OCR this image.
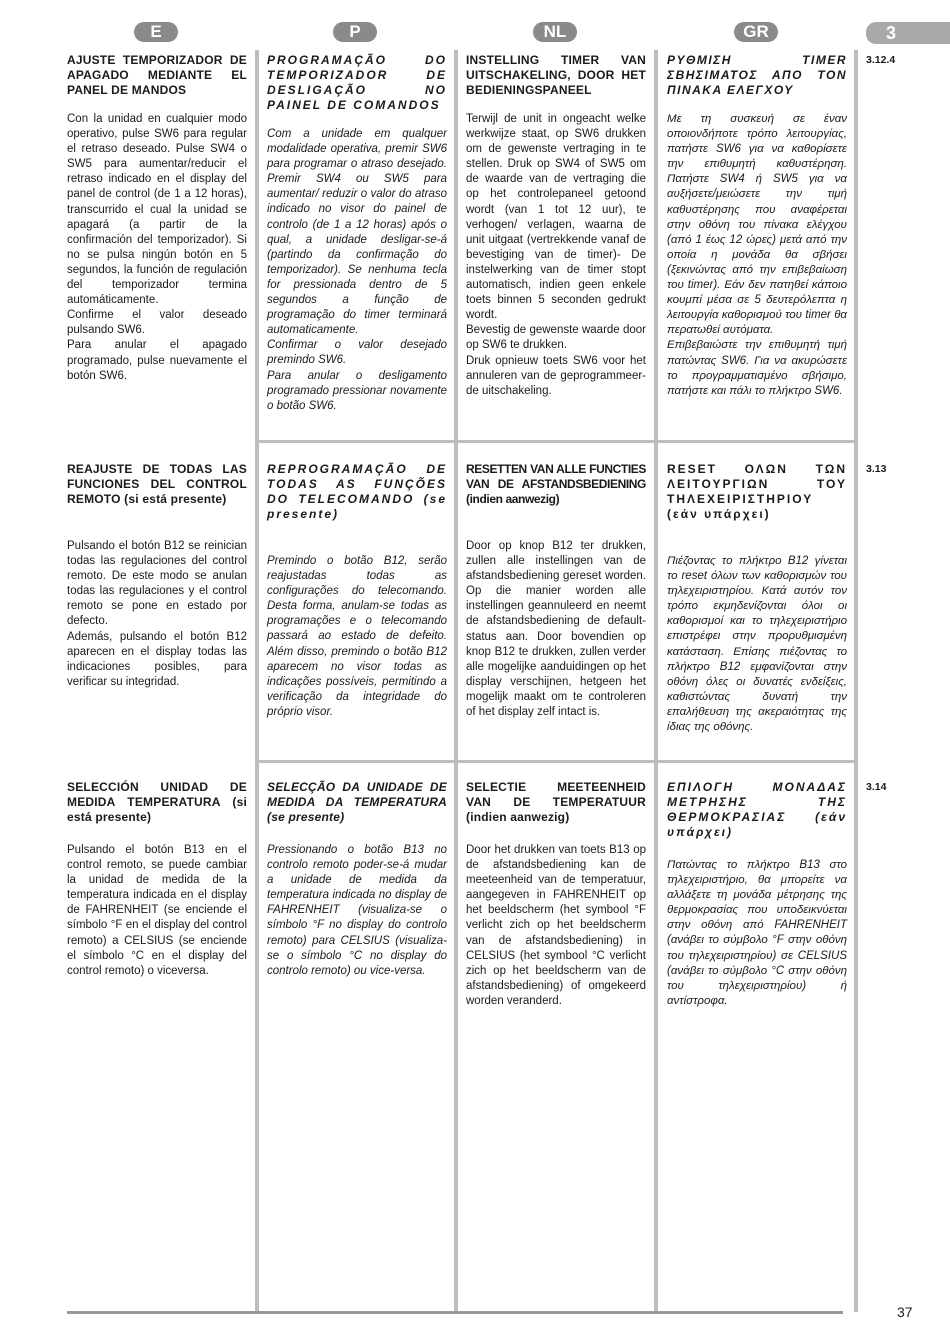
E	P	NL	GR	3
3.12.4
AJUSTE TEMPORIZADOR DE APAGADO MEDIANTE EL PANEL DE MANDOS

Con la unidad en cualquier modo operativo, pulse SW6 para regular el retraso deseado. Pulse SW4 o SW5 para aumentar/reducir el retraso indicado en el display del panel de control (de 1 a 12 horas), transcurrido el cual la unidad se apagará (a partir de la confirmación del temporizador). Si no se pulsa ningún botón en 5 segundos, la función de regulación del temporizador termina automáticamente.
Confirme el valor deseado pulsando SW6.
Para anular el apagado programado, pulse nuevamente el botón SW6.

PROGRAMAÇÃO DO TEMPORIZADOR DE DESLIGAÇÃO NO PAINEL DE COMANDOS

Com a unidade em qualquer modalidade operativa, premir SW6 para programar o atraso desejado. Premir SW4 ou SW5 para aumentar/ reduzir o valor do atraso indicado no visor do painel de controlo (de 1 a 12 horas) após o qual, a unidade desligar-se-á (partindo da confirmação do temporizador). Se nenhuma tecla for pressionada dentro de 5 segundos a função de programação do timer terminará automaticamente.
Confirmar o valor desejado premindo SW6.
Para anular o desligamento programado pressionar novamente o botão SW6.

INSTELLING TIMER VAN UITSCHAKELING, DOOR HET BEDIENINGSPANEEL

Terwijl de unit in ongeacht welke werkwijze staat, op SW6 drukken om de gewenste vertraging in te stellen. Druk op SW4 of SW5 om de waarde van de vertraging die op het controlepaneel getoond wordt (van 1 tot 12 uur), te verhogen/ verlagen, waarna de unit uitgaat (vertrekkende vanaf de bevestiging van de timer)- De instelwerking van de timer stopt automatisch, indien geen enkele toets binnen 5 seconden gedrukt wordt.
Bevestig de gewenste waarde door op SW6 te drukken.
Druk opnieuw toets SW6 voor het annuleren van de geprogrammeer-de uitschakeling.

ΡΥΘΜΙΣΗ TIMER ΣΒΗΣΙΜΑΤΟΣ ΑΠΟ ΤΟΝ ΠΙΝΑΚΑ ΕΛΕΓΧΟΥ

Με τη συσκευή σε έναν οποιονδήποτε τρόπο λειτουργίας, πατήστε SW6 για να καθορίσετε την επιθυμητή καθυστέρηση. Πατήστε SW4 ή SW5 για να αυξήσετε/μειώσετε την τιμή καθυστέρησης που αναφέρεται στην οθόνη του πίνακα ελέγχου (από 1 έως 12 ώρες) μετά από την οποία η μονάδα θα σβήσει (ξεκινώντας από την επιβεβαίωση του timer). Εάν δεν πατηθεί κάποιο κουμπί μέσα σε 5 δευτερόλεπτα η λειτουργία καθορισμού του timer θα περατωθεί αυτόματα.
Επιβεβαιώστε την επιθυμητή τιμή πατώντας SW6. Για να ακυρώσετε το προγραμματισμένο σβήσιμο, πατήστε και πάλι το πλήκτρο SW6.

3.13
REAJUSTE DE TODAS LAS FUNCIONES DEL CONTROL REMOTO (si está presente)

Pulsando el botón B12 se reinician todas las regulaciones del control remoto. De este modo se anulan todas las regulaciones y el control remoto se pone en estado por defecto.
Además, pulsando el botón B12 aparecen en el display todas las indicaciones posibles, para verificar su integridad.

REPROGRAMAÇÃO DE TODAS AS FUNÇÕES DO TELECOMANDO (se presente)

Premindo o botão B12, serão reajustadas todas as configurações do telecomando. Desta forma, anulam-se todas as programações e o telecomando passará ao estado de defeito. Além disso, premindo o botão B12 aparecem no visor todas as indicações possíveis, permitindo a verificação da integridade do próprio visor.

RESETTEN VAN ALLE FUNCTIES VAN DE AFSTANDSBEDIENING (indien aanwezig)

Door op knop B12 ter drukken, zullen alle instellingen van de afstandsbediening gereset worden. Op die manier worden alle instellingen geannuleerd en neemt de afstandsbediening de default-status aan. Door bovendien op knop B12 te drukken, zullen verder alle mogelijke aanduidingen op het display verschijnen, hetgeen het mogelijk maakt om te controleren of het display zelf intact is.

RESET ΟΛΩΝ ΤΩΝ ΛΕΙΤΟΥΡΓΙΩΝ ΤΟΥ ΤΗΛΕΧΕΙΡΙΣΤΗΡΙΟΥ (εάν υπάρχει)

Πιέζοντας το πλήκτρο B12 γίνεται το reset όλων των καθορισμών του τηλεχειριστηρίου. Κατά αυτόν τον τρόπο εκμηδενίζονται όλοι οι καθορισμοί και το τηλεχειριστήριο επιστρέφει στην προρυθμισμένη κατάσταση. Επίσης πιέζοντας το πλήκτρο B12 εμφανίζονται στην οθόνη όλες οι δυνατές ενδείξεις, καθιστώντας δυνατή την επαλήθευση της ακεραιότητας της ίδιας της οθόνης.

3.14
SELECCIÓN UNIDAD DE MEDIDA TEMPERATURA (si está presente)

Pulsando el botón B13 en el control remoto, se puede cambiar la unidad de medida de la temperatura indicada en el display de FAHRENHEIT (se enciende el símbolo °F en el display del control remoto) a CELSIUS (se enciende el símbolo °C en el display del control remoto) o viceversa.

SELECÇÃO DA UNIDADE DE MEDIDA DA TEMPERATURA (se presente)

Pressionando o botão B13 no controlo remoto poder-se-á mudar a unidade de medida da temperatura indicada no display de FAHRENHEIT (visualiza-se o símbolo °F no display do controlo remoto) para CELSIUS (visualiza-se o símbolo °C no display do controlo remoto) ou vice-versa.

SELECTIE MEETEENHEID VAN DE TEMPERATUUR (indien aanwezig)

Door het drukken van toets B13 op de afstandsbediening kan de meeteenheid van de temperatuur, aangegeven in FAHRENHEIT op het beeldscherm (het symbool °F verlicht zich op het beeldscherm van de afstandsbediening) in CELSIUS (het symbool °C verlicht zich op het beeldscherm van de afstandsbediening) of omgekeerd worden veranderd.

ΕΠΙΛΟΓΗ ΜΟΝΑΔΑΣ ΜΕΤΡΗΣΗΣ ΤΗΣ ΘΕΡΜΟΚΡΑΣΙΑΣ (εάν υπάρχει)

Πατώντας το πλήκτρο B13 στο τηλεχειριστήριο, θα μπορείτε να αλλάξετε τη μονάδα μέτρησης της θερμοκρασίας που υποδεικνύεται στην οθόνη από FAHRENHEIT (ανάβει το σύμβολο °F στην οθόνη του τηλεχειριστηρίου) σε CELSIUS (ανάβει το σύμβολο °C στην οθόνη του τηλεχειριστηρίου) ή αντίστροφα.

37
